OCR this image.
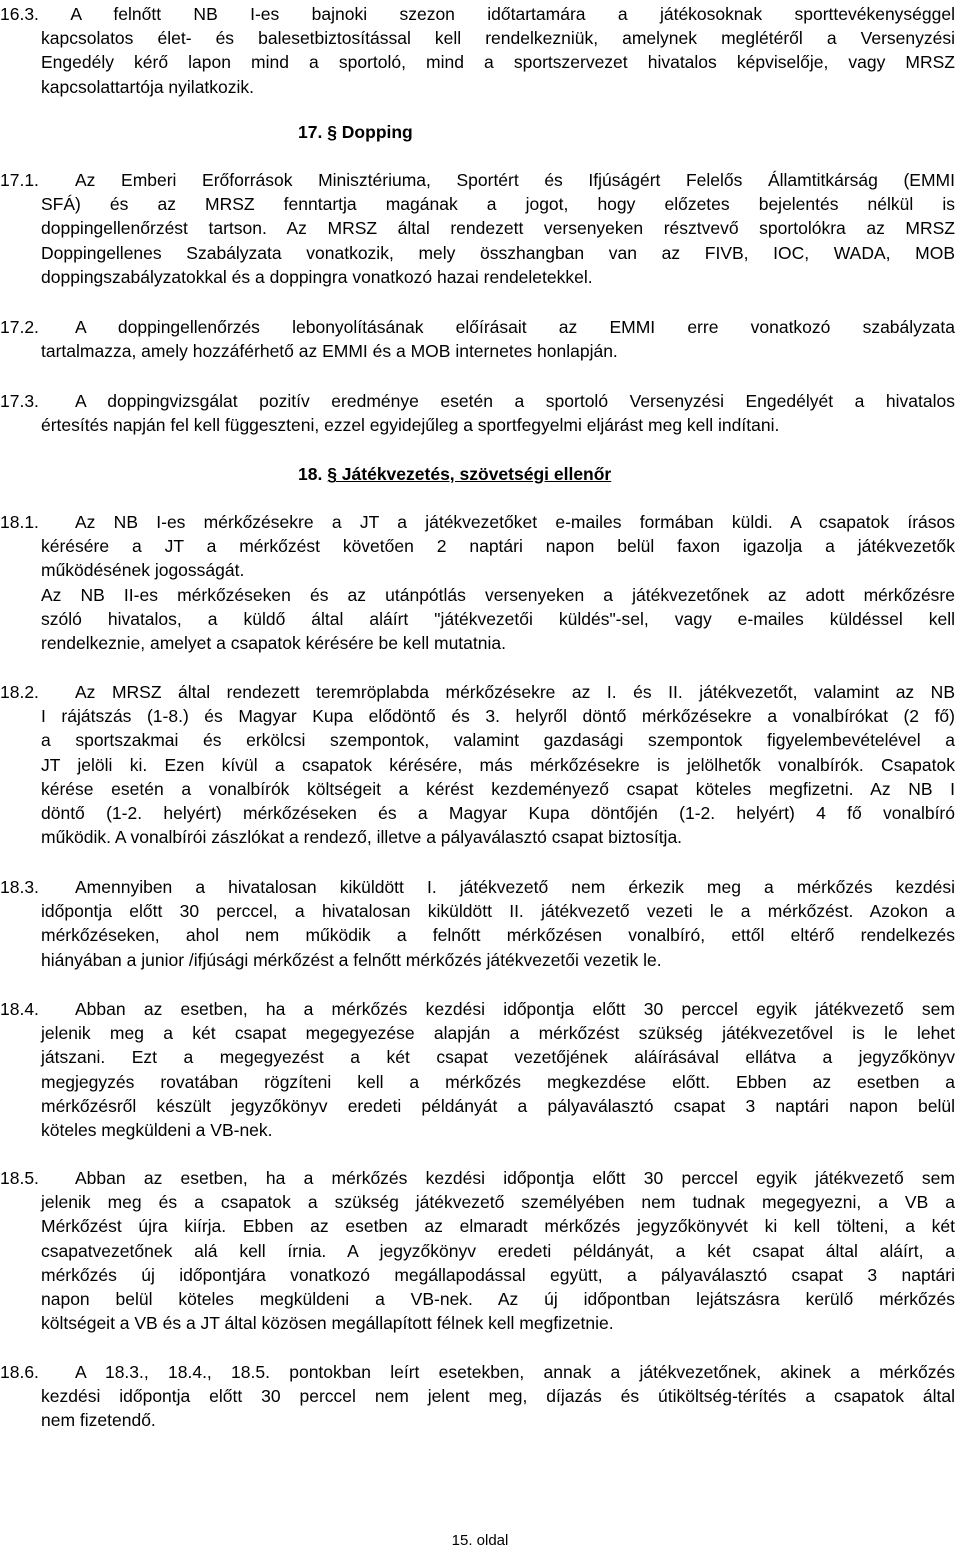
16.3. A felnőtt NB I-es bajnoki szezon időtartamára a játékosoknak sporttevékenységgel
kapcsolatos élet- és balesetbiztosítással kell rendelkezniük, amelynek meglétéről a Versenyzési
Engedély kérő lapon mind a sportoló, mind a sportszervezet hivatalos képviselője, vagy MRSZ
kapcsolattartója nyilatkozik.
17. § Dopping
17.1. Az Emberi Erőforrások Minisztériuma, Sportért és Ifjúságért Felelős Államtitkárság (EMMI
SFÁ) és az MRSZ fenntartja magának a jogot, hogy előzetes bejelentés nélkül is
doppingellenőrzést tartson. Az MRSZ által rendezett versenyeken résztvevő sportolókra az MRSZ
Doppingellenes Szabályzata vonatkozik, mely összhangban van az FIVB, IOC, WADA, MOB
doppingszabályzatokkal és a doppingra vonatkozó hazai rendeletekkel.
17.2. A doppingellenőrzés lebonyolításának előírásait az EMMI erre vonatkozó szabályzata
tartalmazza, amely hozzáférhető az EMMI és a MOB internetes honlapján.
17.3. A doppingvizsgálat pozitív eredménye esetén a sportoló Versenyzési Engedélyét a hivatalos
értesítés napján fel kell függeszteni, ezzel egyidejűleg a sportfegyelmi eljárást meg kell indítani.
18. § Játékvezetés, szövetségi ellenőr
18.1. Az NB I-es mérkőzésekre a JT a játékvezetőket e-mailes formában küldi. A csapatok írásos
kérésére a JT a mérkőzést követően 2 naptári napon belül faxon igazolja a játékvezetők
működésének jogosságát.
Az NB II-es mérkőzéseken és az utánpótlás versenyeken a játékvezetőnek az adott mérkőzésre
szóló hivatalos, a küldő által aláírt "játékvezetői küldés"-sel, vagy e-mailes küldéssel kell
rendelkeznie, amelyet a csapatok kérésére be kell mutatnia.
18.2. Az MRSZ által rendezett teremröplabda mérkőzésekre az I. és II. játékvezetőt, valamint az NB
I rájátszás (1-8.) és Magyar Kupa elődöntő és 3. helyről döntő mérkőzésekre a vonalbírókat (2 fő)
a sportszakmai és erkölcsi szempontok, valamint gazdasági szempontok figyelembevételével a
JT jelöli ki. Ezen kívül a csapatok kérésére, más mérkőzésekre is jelölhetők vonalbírók. Csapatok
kérése esetén a vonalbírók költségeit a kérést kezdeményező csapat köteles megfizetni. Az NB I
döntő (1-2. helyért) mérkőzéseken és a Magyar Kupa döntőjén (1-2. helyért) 4 fő vonalbíró
működik. A vonalbírói zászlókat a rendező, illetve a pályaválasztó csapat biztosítja.
18.3. Amennyiben a hivatalosan kiküldött I. játékvezető nem érkezik meg a mérkőzés kezdési
időpontja előtt 30 perccel, a hivatalosan kiküldött II. játékvezető vezeti le a mérkőzést. Azokon a
mérkőzéseken, ahol nem működik a felnőtt mérkőzésen vonalbíró, ettől eltérő rendelkezés
hiányában a junior /ifjúsági mérkőzést a felnőtt mérkőzés játékvezetői vezetik le.
18.4. Abban az esetben, ha a mérkőzés kezdési időpontja előtt 30 perccel egyik játékvezető sem
jelenik meg a két csapat megegyezése alapján a mérkőzést szükség játékvezetővel is le lehet
játszani. Ezt a megegyezést a két csapat vezetőjének aláírásával ellátva a jegyzőkönyv
megjegyzés rovatában rögzíteni kell a mérkőzés megkezdése előtt. Ebben az esetben a
mérkőzésről készült jegyzőkönyv eredeti példányát a pályaválasztó csapat 3 naptári napon belül
köteles megküldeni a VB-nek.
18.5. Abban az esetben, ha a mérkőzés kezdési időpontja előtt 30 perccel egyik játékvezető sem
jelenik meg és a csapatok a szükség játékvezető személyében nem tudnak megegyezni, a VB a
Mérkőzést újra kiírja. Ebben az esetben az elmaradt mérkőzés jegyzőkönyvét ki kell tölteni, a két
csapatvezetőnek alá kell írnia. A jegyzőkönyv eredeti példányát, a két csapat által aláírt, a
mérkőzés új időpontjára vonatkozó megállapodással együtt, a pályaválasztó csapat 3 naptári
napon belül köteles megküldeni a VB-nek. Az új időpontban lejátszásra kerülő mérkőzés
költségeit a VB és a JT által közösen megállapított félnek kell megfizetnie.
18.6. A 18.3., 18.4., 18.5. pontokban leírt esetekben, annak a játékvezetőnek, akinek a mérkőzés
kezdési időpontja előtt 30 perccel nem jelent meg, díjazás és útiköltség-térítés a csapatok által
nem fizetendő.
15. oldal
